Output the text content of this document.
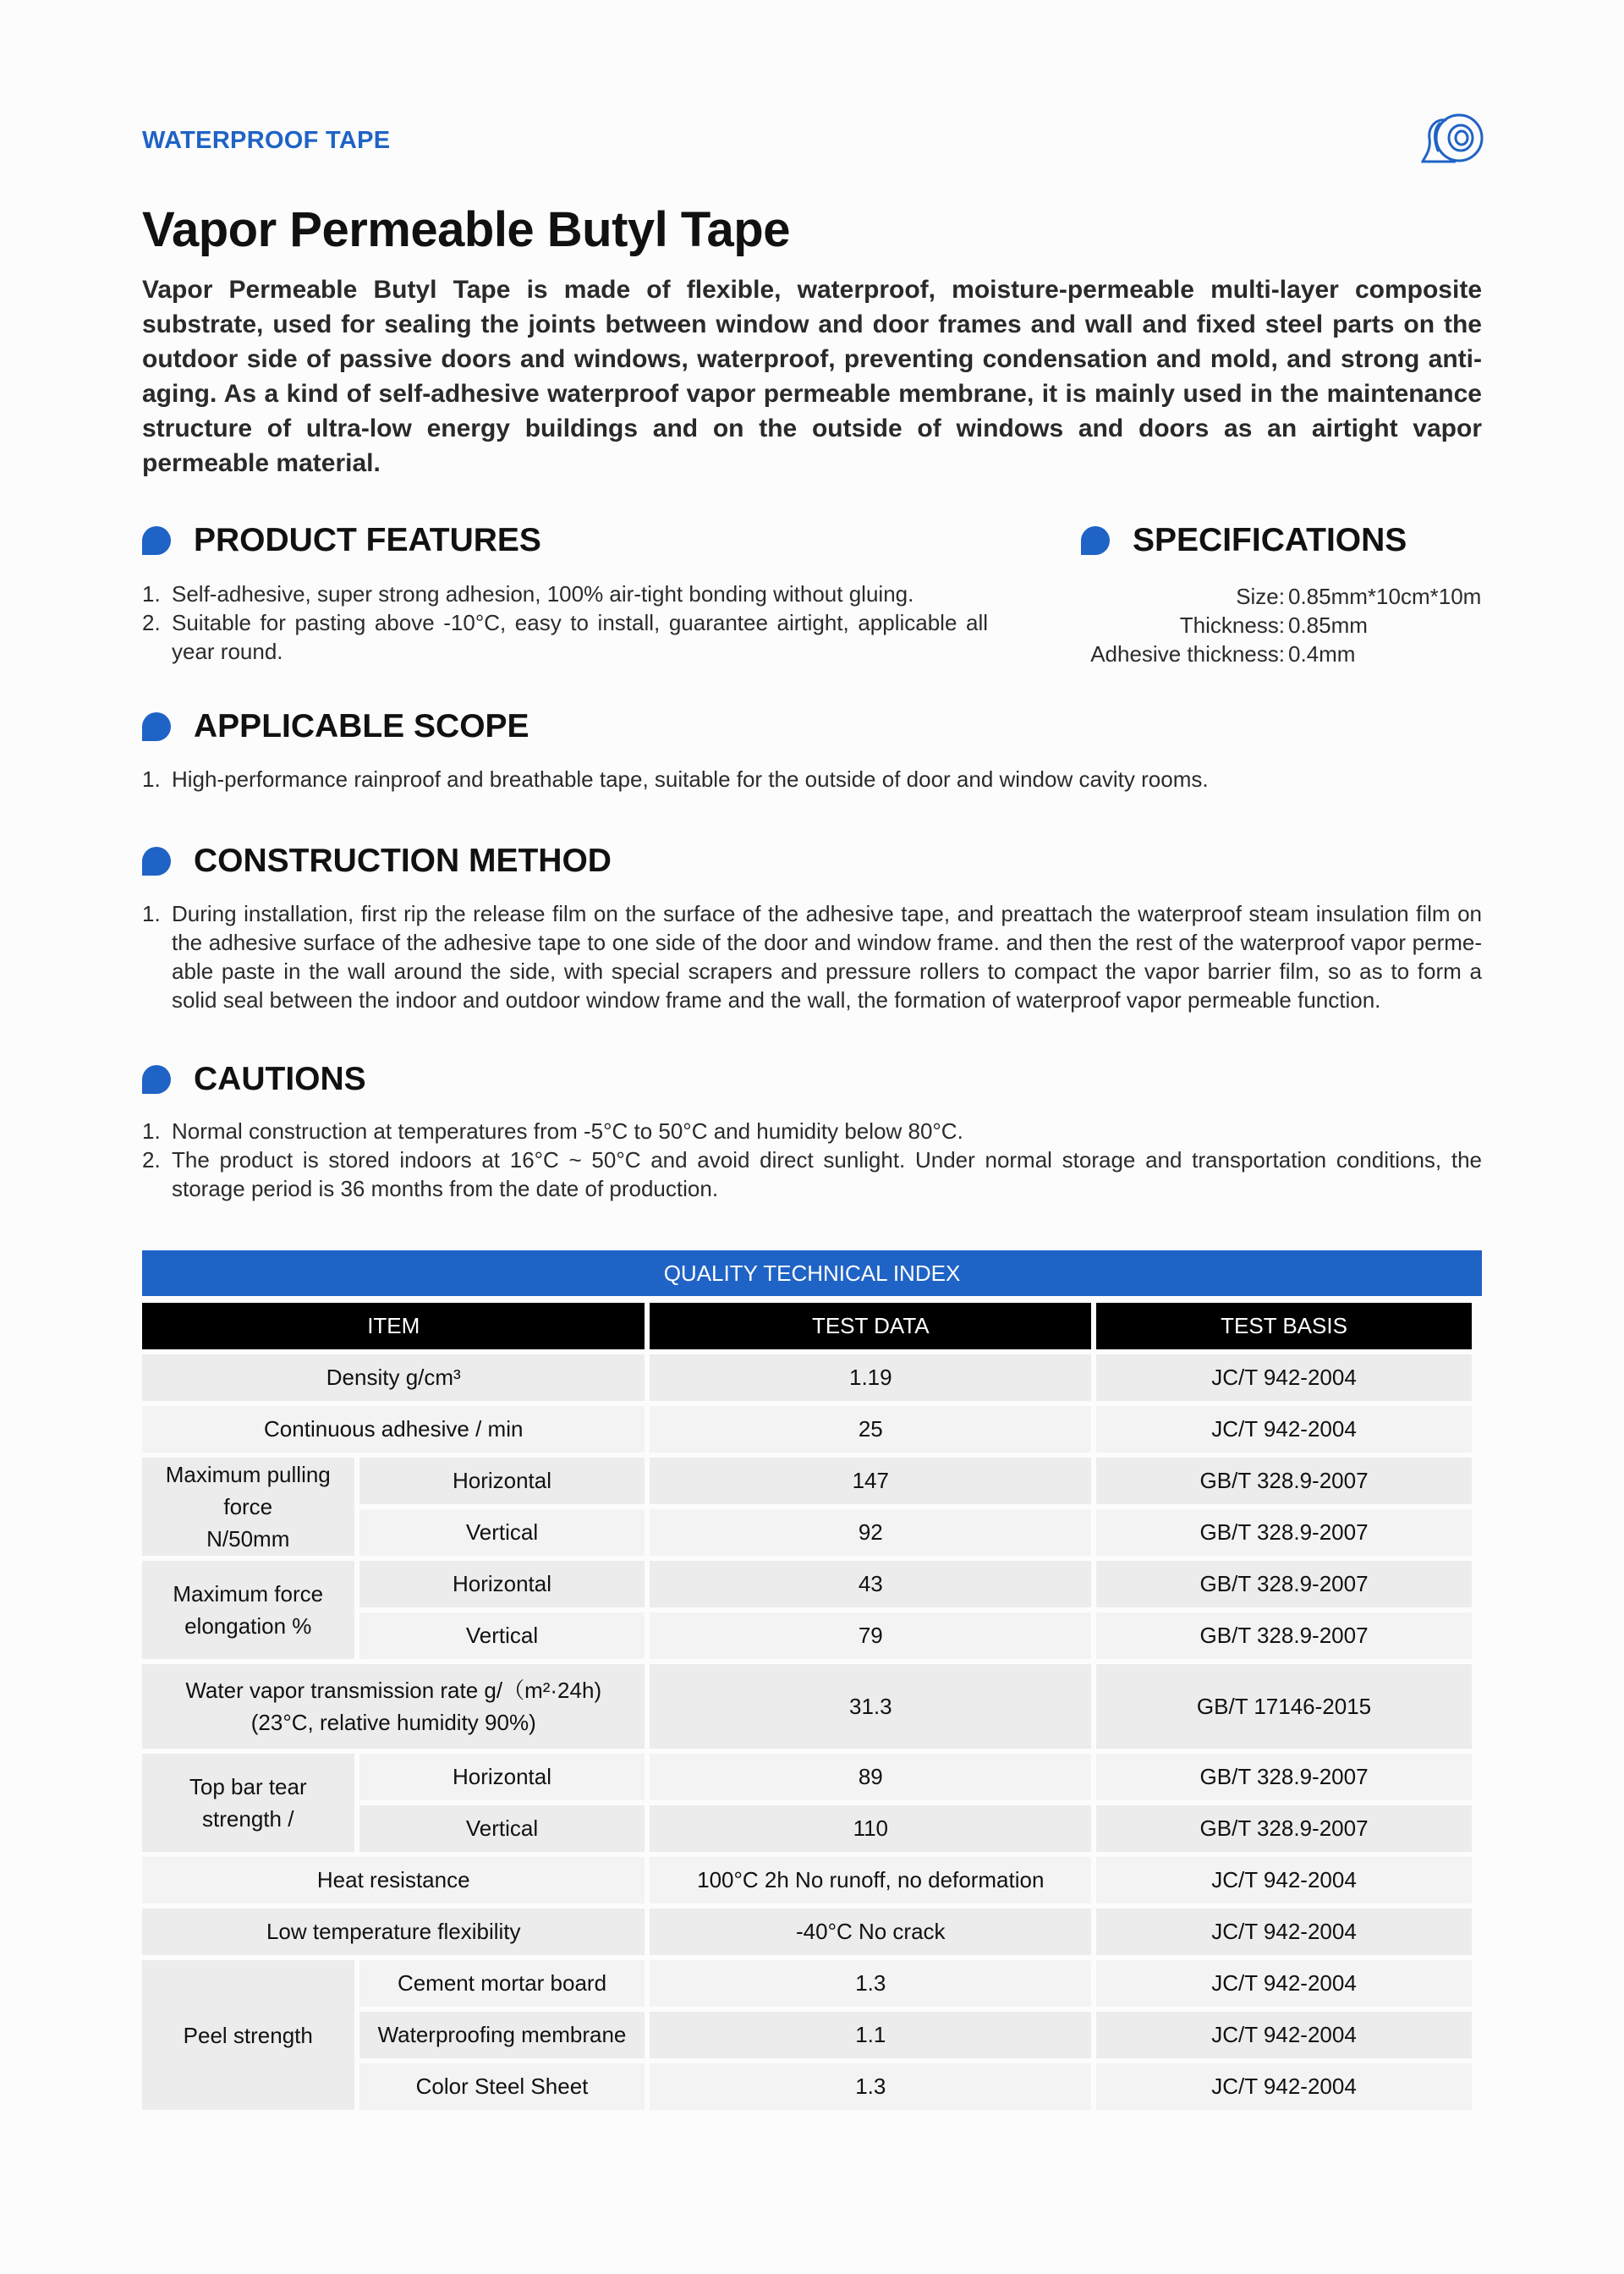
WATERPROOF TAPE
Vapor Permeable Butyl Tape
Vapor Permeable Butyl Tape is made of flexible, waterproof, moisture-permeable multi-layer composite substrate, used for sealing the joints between window and door frames and wall and fixed steel parts on the outdoor side of passive doors and windows, waterproof, preventing condensation and mold, and strong anti-aging. As a kind of self-adhesive waterproof vapor permeable membrane, it is mainly used in the maintenance structure of ultra-low energy buildings and on the outside of windows and doors as an airtight vapor permeable material.
PRODUCT FEATURES
1. Self-adhesive, super strong adhesion, 100% air-tight bonding without gluing.
2. Suitable for pasting above -10°C, easy to install, guarantee airtight, applicable all year round.
SPECIFICATIONS
Size: 0.85mm*10cm*10m
Thickness: 0.85mm
Adhesive thickness: 0.4mm
APPLICABLE SCOPE
1. High-performance rainproof and breathable tape, suitable for the outside of door and window cavity rooms.
CONSTRUCTION METHOD
1. During installation, first rip the release film on the surface of the adhesive tape, and preattach the waterproof steam insulation film on the adhesive surface of the adhesive tape to one side of the door and window frame. and then the rest of the waterproof vapor perme-able paste in the wall around the side, with special scrapers and pressure rollers to compact the vapor barrier film, so as to form a solid seal between the indoor and outdoor window frame and the wall, the formation of waterproof vapor permeable function.
CAUTIONS
1. Normal construction at temperatures from -5°C to 50°C and humidity below 80°C.
2. The product is stored indoors at 16°C ~ 50°C and avoid direct sunlight. Under normal storage and transportation conditions, the storage period is 36 months from the date of production.
QUALITY TECHNICAL INDEX
ITEM		TEST DATA	TEST BASIS
Density g/cm³		1.19	JC/T 942-2004
Continuous adhesive / min		25	JC/T 942-2004

Maximum pulling force
N/50mm	Horizontal	147	GB/T 328.9-2007
	Vertical	92	GB/T 328.9-2007

Maximum force
elongation %	Horizontal	43	GB/T 328.9-2007
	Vertical	79	GB/T 328.9-2007

Water vapor transmission rate g/（m²·24h)
(23°C, relative humidity 90%)		31.3	GB/T 17146-2015

Top bar tear
strength /	Horizontal	89	GB/T 328.9-2007
	Vertical	110	GB/T 328.9-2007
Heat resistance		100°C 2h No runoff, no deformation	JC/T 942-2004
Low temperature flexibility		-40°C No crack	JC/T 942-2004
Peel strength	Cement mortar board	1.3	JC/T 942-2004
	Waterproofing membrane	1.1	JC/T 942-2004
	Color Steel Sheet	1.3	JC/T 942-2004
